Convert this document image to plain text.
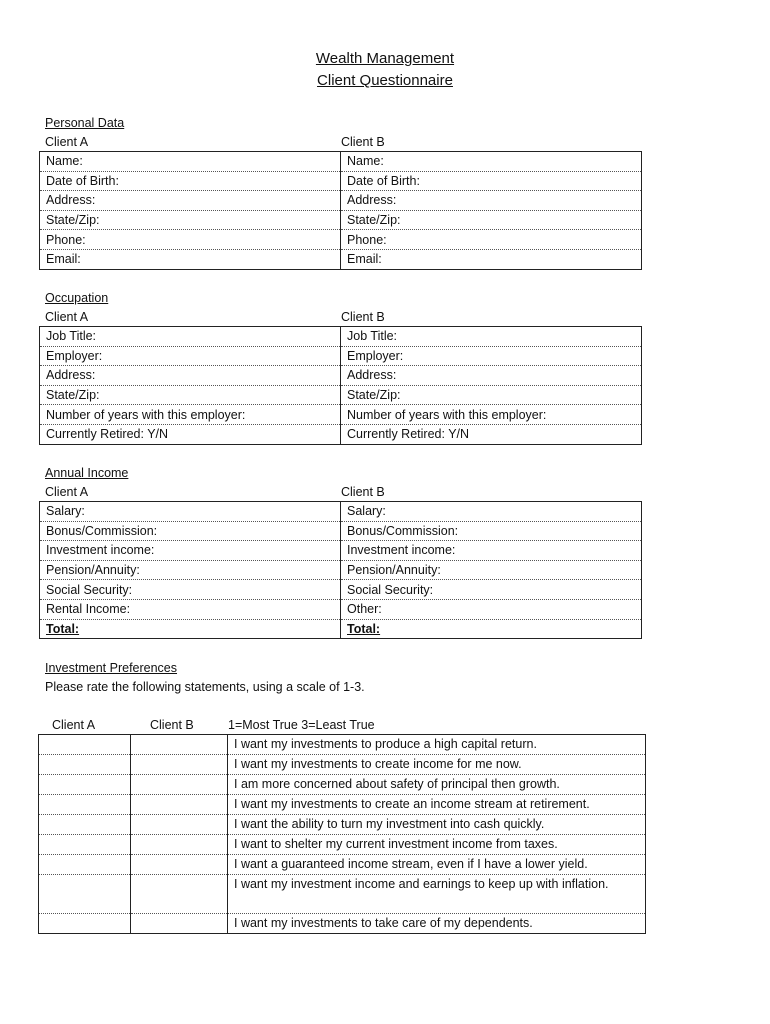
Wealth Management
Client Questionnaire
Personal Data
Client A	Client B
Name:	Name:
Date of Birth:	Date of Birth:
Address:	Address:
State/Zip:	State/Zip:
Phone:	Phone:
Email:	Email:
Occupation
Client A	Client B
Job Title:	Job Title:
Employer:	Employer:
Address:	Address:
State/Zip:	State/Zip:
Number of years with this employer:	Number of years with this employer:
Currently Retired: Y/N	Currently Retired: Y/N
Annual Income
Client A	Client B
Salary:	Salary:
Bonus/Commission:	Bonus/Commission:
Investment income:	Investment income:
Pension/Annuity:	Pension/Annuity:
Social Security:	Social Security:
Rental Income:	Other:
Total:	Total:
Investment Preferences
Please rate the following statements, using a scale of 1-3.
Client A	Client B	1=Most True 3=Least True
		I want my investments to produce a high capital return.
		I want my investments to create income for me now.
		I am more concerned about safety of principal then growth.
		I want my investments to create an income stream at retirement.
		I want the ability to turn my investment into cash quickly.
		I want to shelter my current investment income from taxes.
		I want a guaranteed income stream, even if I have a lower yield.
		I want my investment income and earnings to keep up with inflation.
		I want my investments to take care of my dependents.
